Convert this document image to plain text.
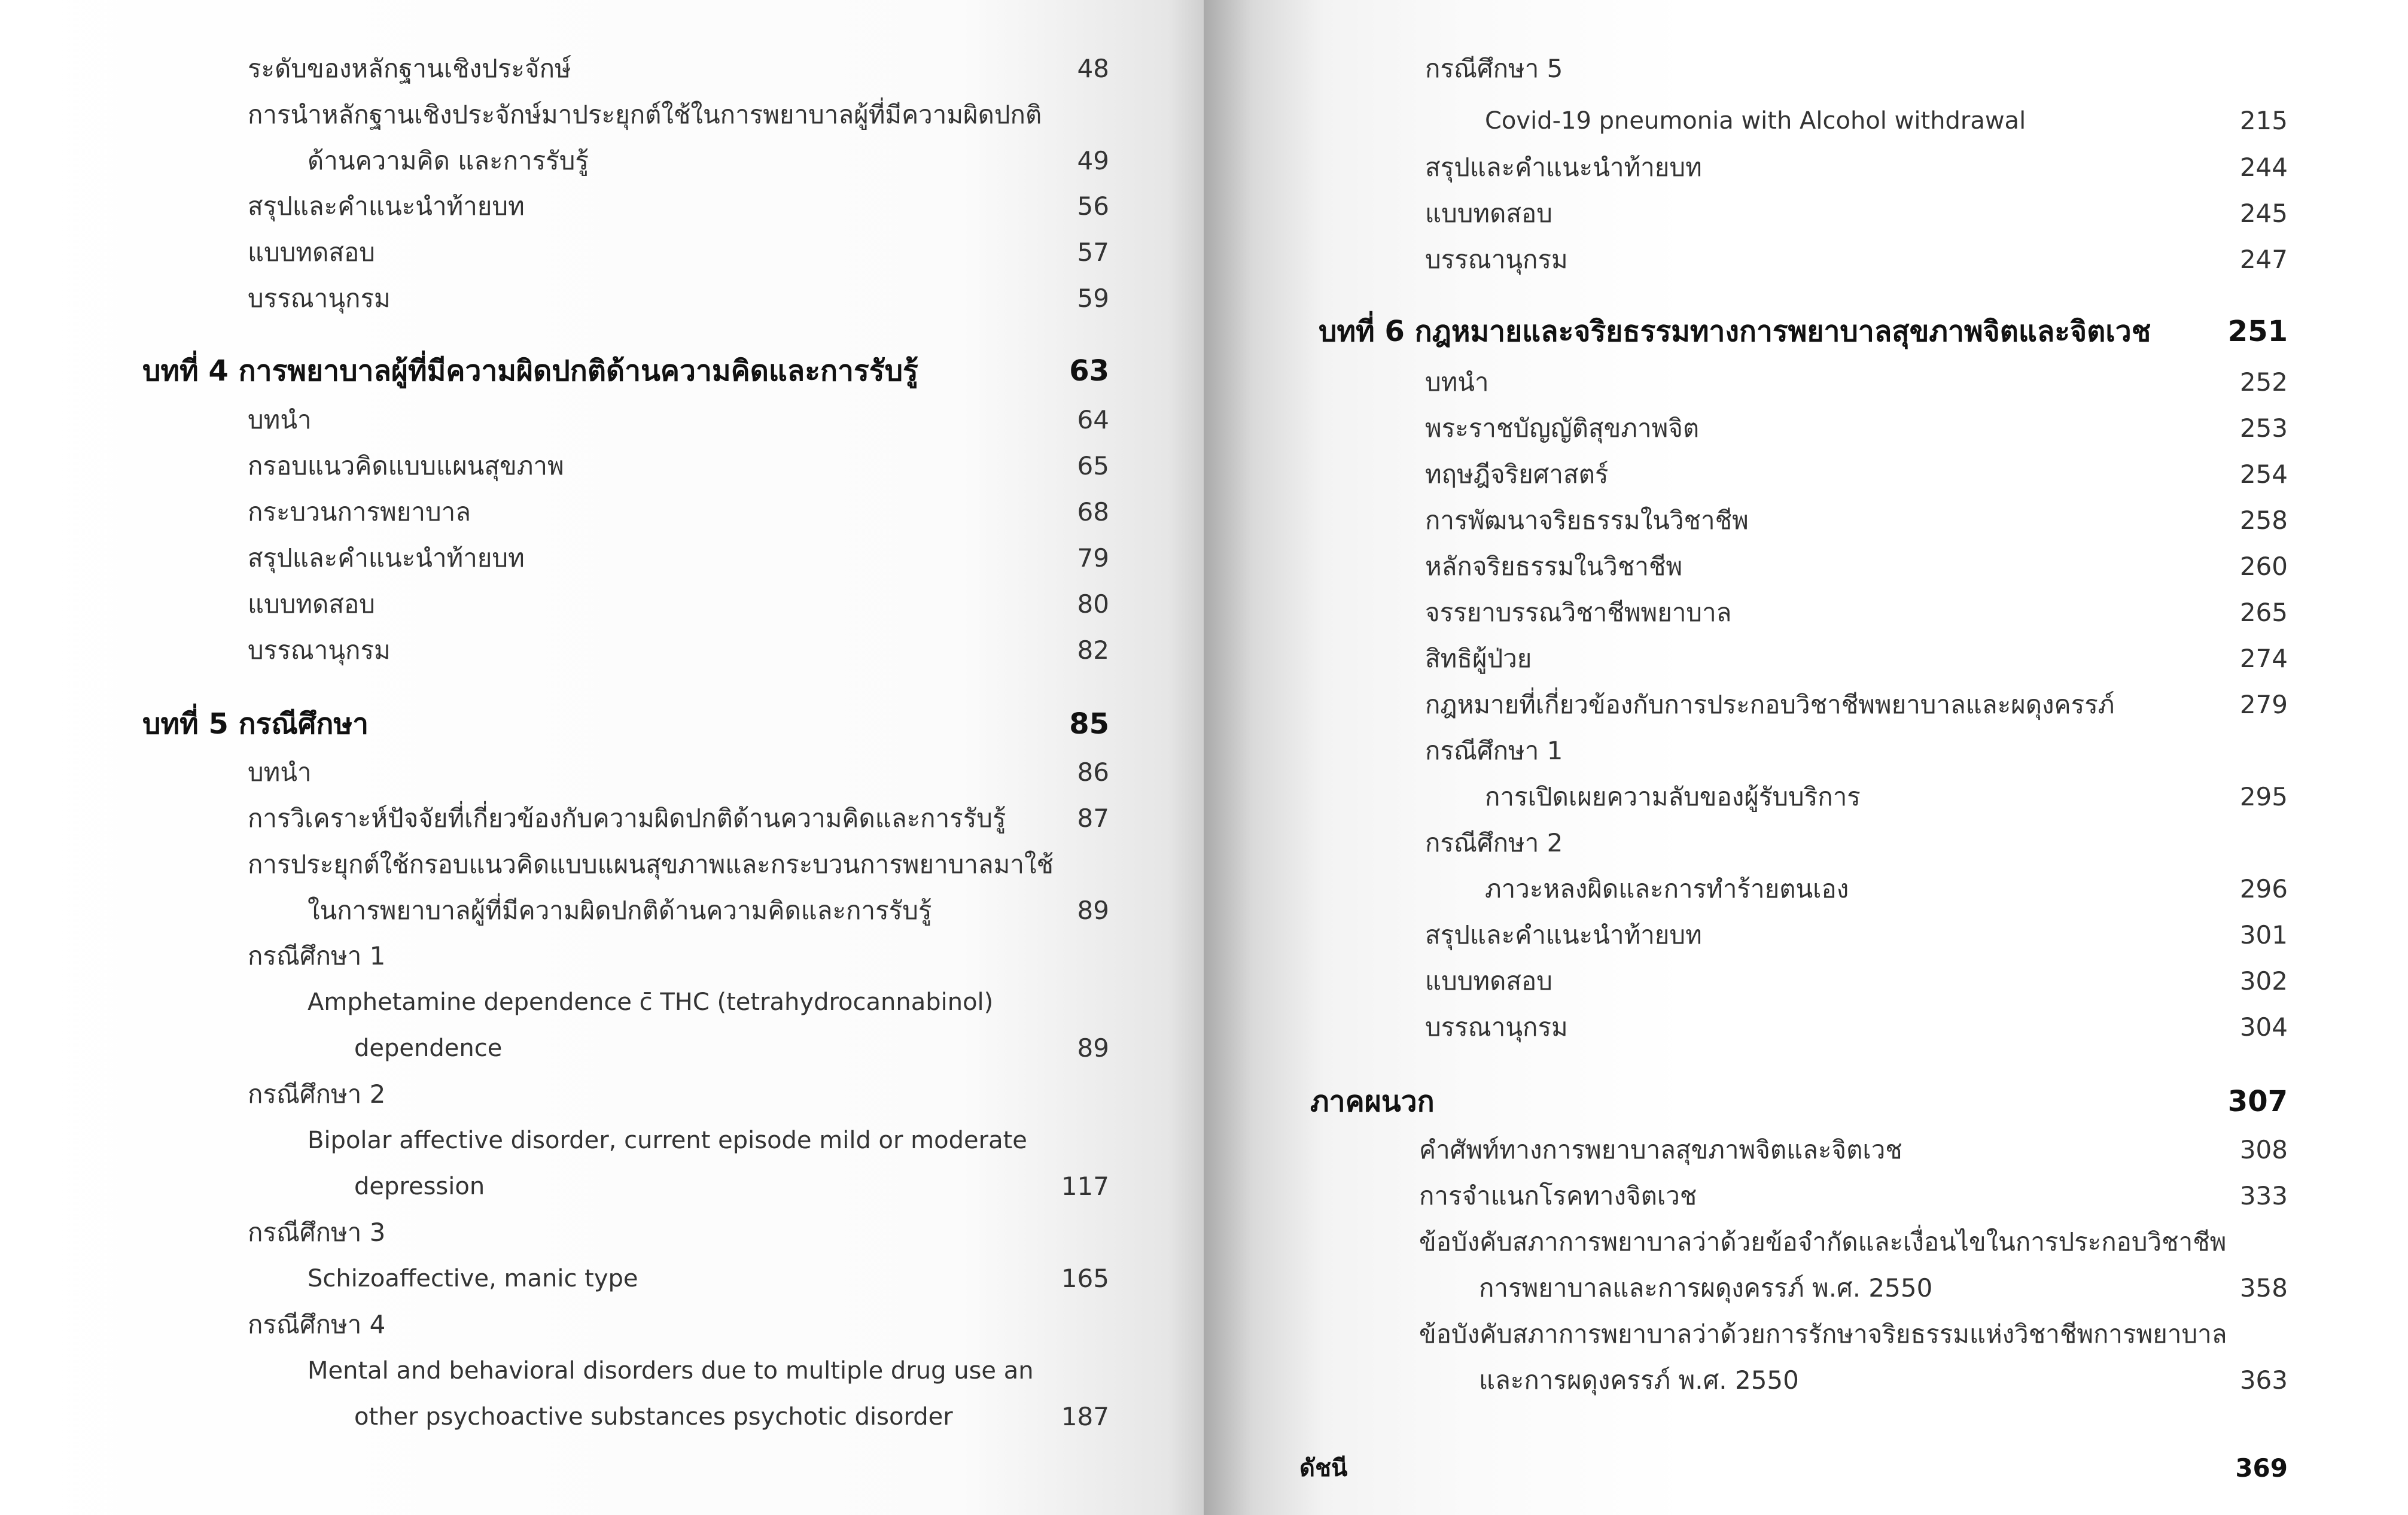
ระดับของหลักฐานเชิงประจักษ์	48
การนำหลักฐานเชิงประจักษ์มาประยุกต์ใช้ในการพยาบาลผู้ที่มีความผิดปกติ
ด้านความคิด และการรับรู้	49
สรุปและคำแนะนำท้ายบท	56
แบบทดสอบ	57
บรรณานุกรม	59
บทที่ 4 การพยาบาลผู้ที่มีความผิดปกติด้านความคิดและการรับรู้	63
บทนำ	64
กรอบแนวคิดแบบแผนสุขภาพ	65
กระบวนการพยาบาล	68
สรุปและคำแนะนำท้ายบท	79
แบบทดสอบ	80
บรรณานุกรม	82
บทที่ 5 กรณีศึกษา	85
บทนำ	86
การวิเคราะห์ปัจจัยที่เกี่ยวข้องกับความผิดปกติด้านความคิดและการรับรู้	87
การประยุกต์ใช้กรอบแนวคิดแบบแผนสุขภาพและกระบวนการพยาบาลมาใช้
ในการพยาบาลผู้ที่มีความผิดปกติด้านความคิดและการรับรู้	89
กรณีศึกษา 1
Amphetamine dependence c̄ THC (tetrahydrocannabinol)
dependence	89
กรณีศึกษา 2
Bipolar affective disorder, current episode mild or moderate
depression	117
กรณีศึกษา 3
Schizoaffective, manic type	165
กรณีศึกษา 4
Mental and behavioral disorders due to multiple drug use an
other psychoactive substances psychotic disorder	187
กรณีศึกษา 5
Covid-19 pneumonia with Alcohol withdrawal	215
สรุปและคำแนะนำท้ายบท	244
แบบทดสอบ	245
บรรณานุกรม	247
บทที่ 6 กฎหมายและจริยธรรมทางการพยาบาลสุขภาพจิตและจิตเวช	251
บทนำ	252
พระราชบัญญัติสุขภาพจิต	253
ทฤษฎีจริยศาสตร์	254
การพัฒนาจริยธรรมในวิชาชีพ	258
หลักจริยธรรมในวิชาชีพ	260
จรรยาบรรณวิชาชีพพยาบาล	265
สิทธิผู้ป่วย	274
กฎหมายที่เกี่ยวข้องกับการประกอบวิชาชีพพยาบาลและผดุงครรภ์	279
กรณีศึกษา 1
การเปิดเผยความลับของผู้รับบริการ	295
กรณีศึกษา 2
ภาวะหลงผิดและการทำร้ายตนเอง	296
สรุปและคำแนะนำท้ายบท	301
แบบทดสอบ	302
บรรณานุกรม	304
ภาคผนวก	307
คำศัพท์ทางการพยาบาลสุขภาพจิตและจิตเวช	308
การจำแนกโรคทางจิตเวช	333
ข้อบังคับสภาการพยาบาลว่าด้วยข้อจำกัดและเงื่อนไขในการประกอบวิชาชีพ
การพยาบาลและการผดุงครรภ์ พ.ศ. 2550	358
ข้อบังคับสภาการพยาบาลว่าด้วยการรักษาจริยธรรมแห่งวิชาชีพการพยาบาล
และการผดุงครรภ์ พ.ศ. 2550	363
ดัชนี	369
